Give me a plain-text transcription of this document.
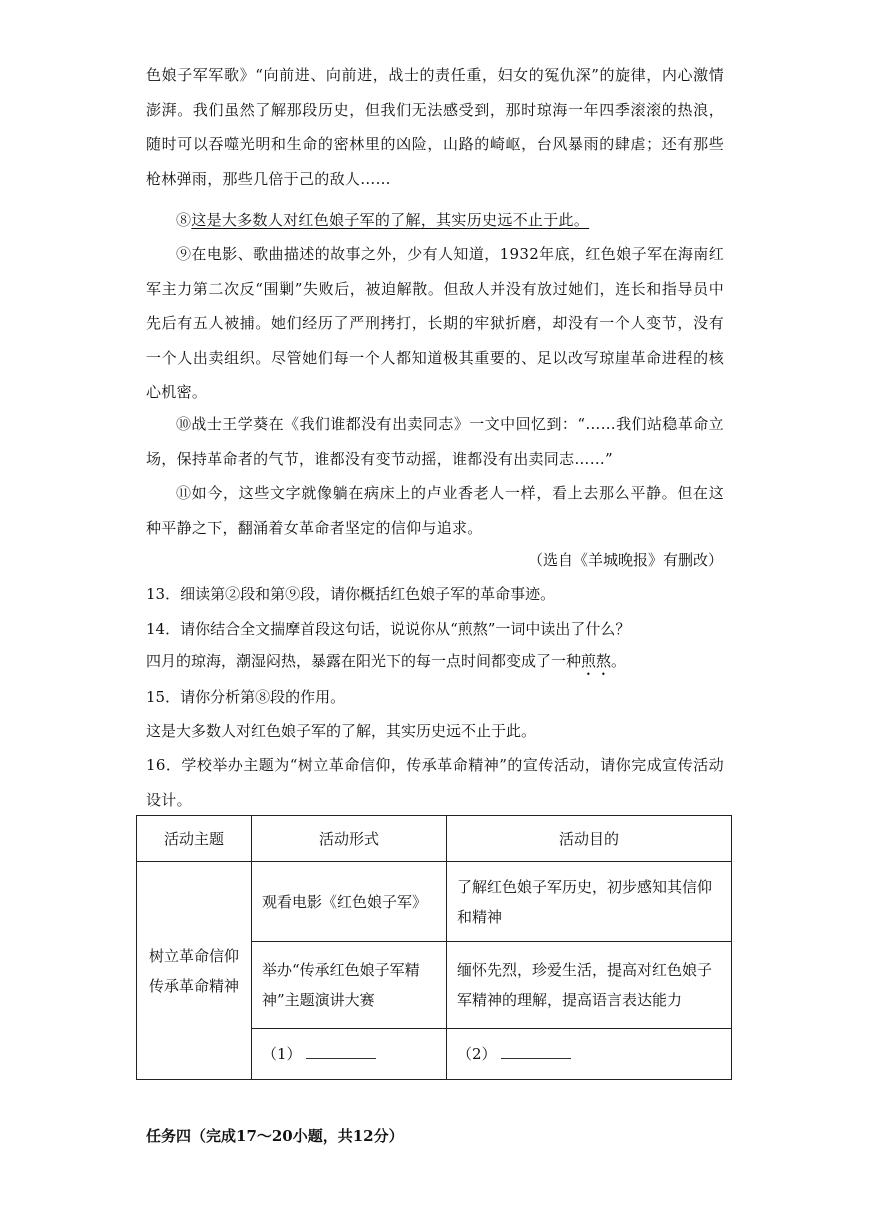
色娘子军军歌》“向前进、向前进，战士的责任重，妇女的冤仇深”的旋律，内心激情澎湃。我们虽然了解那段历史，但我们无法感受到，那时琼海一年四季滚滚的热浪，随时可以吞噬光明和生命的密林里的凶险，山路的崎岖，台风暴雨的肆虐；还有那些枪林弹雨，那些几倍于己的敌人……

⑧这是大多数人对红色娘子军的了解，其实历史远不止于此。

⑨在电影、歌曲描述的故事之外，少有人知道，1932年底，红色娘子军在海南红军主力第二次反“围剿”失败后，被迫解散。但敌人并没有放过她们，连长和指导员中先后有五人被捕。她们经历了严刑拷打，长期的牢狱折磨，却没有一个人变节，没有一个人出卖组织。尽管她们每一个人都知道极其重要的、足以改写琼崖革命进程的核心机密。

⑩战士王学葵在《我们谁都没有出卖同志》一文中回忆到：“……我们站稳革命立场，保持革命者的气节，谁都没有变节动摇，谁都没有出卖同志……”

⑪如今，这些文字就像躺在病床上的卢业香老人一样，看上去那么平静。但在这种平静之下，翻涌着女革命者坚定的信仰与追求。

（选自《羊城晚报》有删改）

13．细读第②段和第⑨段，请你概括红色娘子军的革命事迹。

14．请你结合全文揣摩首段这句话，说说你从“煎熬”一词中读出了什么？

四月的琼海，潮湿闷热，暴露在阳光下的每一点时间都变成了一种煎熬。

15．请你分析第⑧段的作用。

这是大多数人对红色娘子军的了解，其实历史远不止于此。

16．学校举办主题为“树立革命信仰，传承革命精神”的宣传活动，请你完成宣传活动设计。

活动主题	活动形式	活动目的

树立革命信仰
传承革命精神	观看电影《红色娘子军》	了解红色娘子军历史，初步感知其信仰和精神
	举办“传承红色娘子军精神”主题演讲大赛	缅怀先烈，珍爱生活，提高对红色娘子军精神的理解，提高语言表达能力
	（1）	（2）

任务四（完成17～20小题，共12分）
